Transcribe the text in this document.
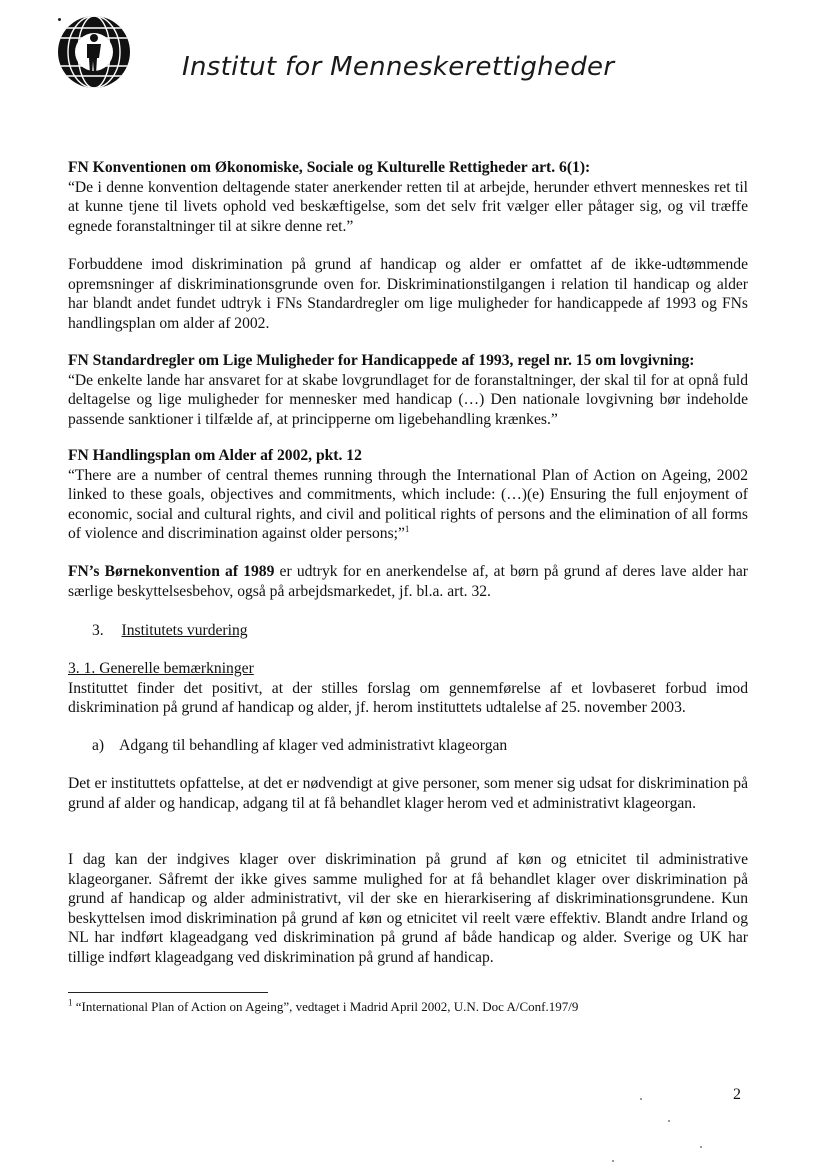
Institut for Menneskerettigheder

FN Konventionen om Økonomiske, Sociale og Kulturelle Rettigheder art. 6(1):

“De i denne konvention deltagende stater anerkender retten til at arbejde, herunder ethvert menneskes ret til at kunne tjene til livets ophold ved beskæftigelse, som det selv frit vælger eller påtager sig, og vil træffe egnede foranstaltninger til at sikre denne ret.”

Forbuddene imod diskrimination på grund af handicap og alder er omfattet af de ikke-udtømmende opremsninger af diskriminationsgrunde oven for. Diskriminationstilgangen i relation til handicap og alder har blandt andet fundet udtryk i FNs Standardregler om lige muligheder for handicappede af 1993 og FNs handlingsplan om alder af 2002.

FN Standardregler om Lige Muligheder for Handicappede af 1993, regel nr. 15 om lovgivning:

“De enkelte lande har ansvaret for at skabe lovgrundlaget for de foranstaltninger, der skal til for at opnå fuld deltagelse og lige muligheder for mennesker med handicap (…) Den nationale lovgivning bør indeholde passende sanktioner i tilfælde af, at principperne om ligebehandling krænkes.”

FN Handlingsplan om Alder af 2002, pkt. 12

“There are a number of central themes running through the International Plan of Action on Ageing, 2002 linked to these goals, objectives and commitments, which include: (…)(e) Ensuring the full enjoyment of economic, social and cultural rights, and civil and political rights of persons and the elimination of all forms of violence and discrimination against older persons;”$^1$

FN’s Børnekonvention af 1989 er udtryk for en anerkendelse af, at børn på grund af deres lave alder har særlige beskyttelsesbehov, også på arbejdsmarkedet, jf. bl.a. art. 32.
3. Institutets vurdering

3. 1. Generelle bemærkninger

Instituttet finder det positivt, at der stilles forslag om gennemførelse af et lovbaseret forbud imod diskrimination på grund af handicap og alder, jf. herom instituttets udtalelse af 25. november 2003.

a) Adgang til behandling af klager ved administrativt klageorgan
Det er instituttets opfattelse, at det er nødvendigt at give personer, som mener sig udsat for diskrimination på grund af alder og handicap, adgang til at få behandlet klager herom ved et administrativt klageorgan.
I dag kan der indgives klager over diskrimination på grund af køn og etnicitet til administrative klageorganer. Såfremt der ikke gives samme mulighed for at få behandlet klager over diskrimination på grund af handicap og alder administrativt, vil der ske en hierarkisering af diskriminationsgrundene. Kun beskyttelsen imod diskrimination på grund af køn og etnicitet vil reelt være effektiv. Blandt andre Irland og NL har indført klageadgang ved diskrimination på grund af både handicap og alder. Sverige og UK har tillige indført klageadgang ved diskrimination på grund af handicap.
$^1$ “International Plan of Action on Ageing”, vedtaget i Madrid April 2002, U.N. Doc A/Conf.197/9
2
